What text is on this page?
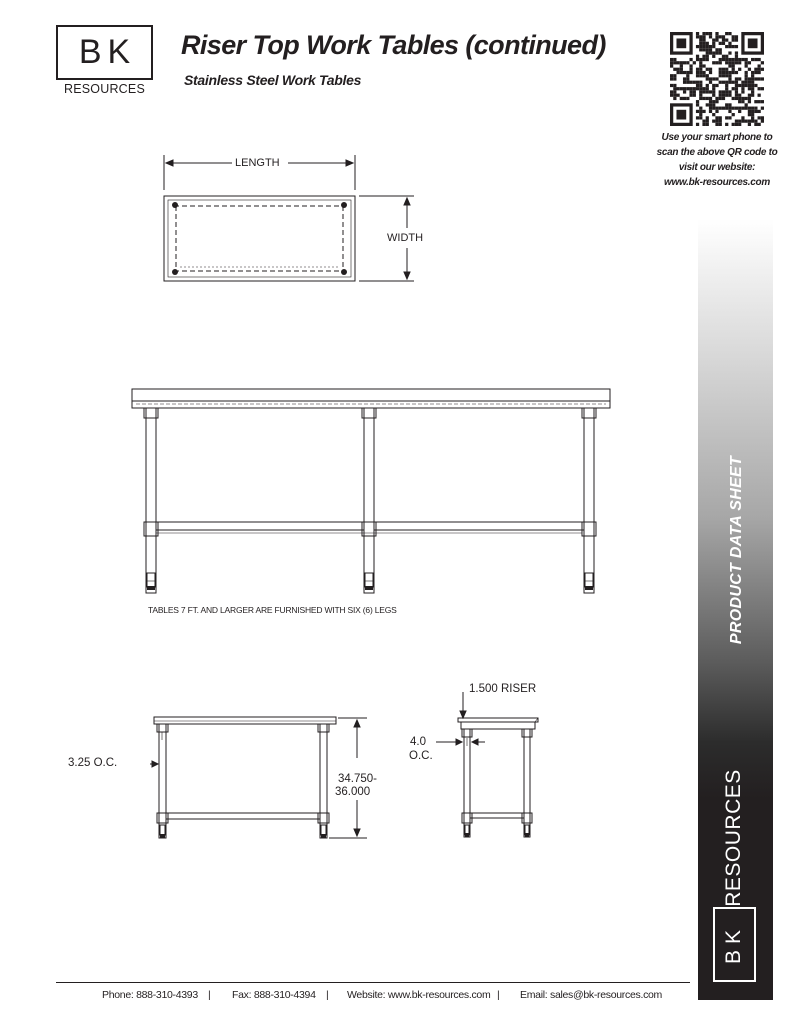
BK
RESOURCES
Riser Top Work Tables (continued)
Stainless Steel Work Tables
Use your smart phone to
scan the above QR code to
visit our website:
www.bk-resources.com
PRODUCT DATA SHEET
RESOURCES
BK
LENGTH
WIDTH
TABLES 7 FT. AND LARGER ARE FURNISHED WITH SIX (6) LEGS
3.25 O.C.
34.750-
36.000
1.500 RISER
4.0
O.C.
Phone: 888-310-4393 | Fax: 888-310-4394 | Website: www.bk-resources.com | Email: sales@bk-resources.com
